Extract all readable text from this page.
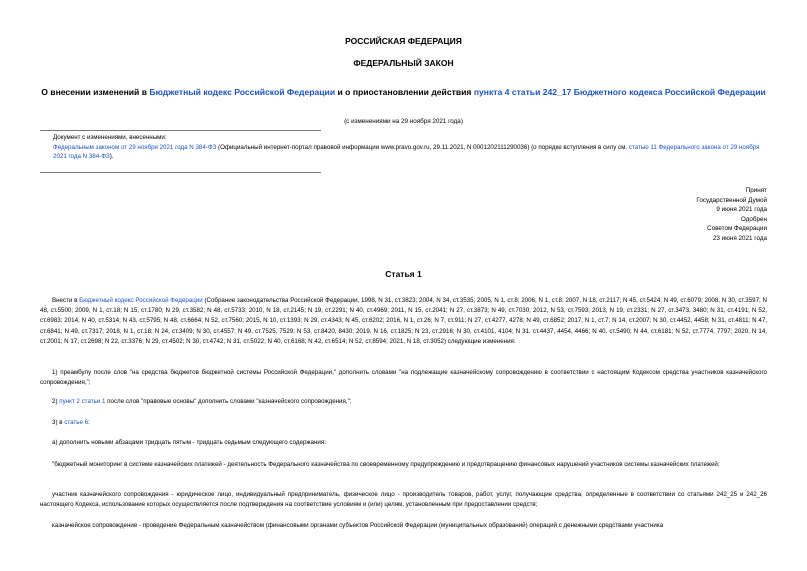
РОССИЙСКАЯ ФЕДЕРАЦИЯ
ФЕДЕРАЛЬНЫЙ ЗАКОН
О внесении изменений в Бюджетный кодекс Российской Федерации и о приостановлении действия пункта 4 статьи 242_17 Бюджетного кодекса Российской Федерации
(с изменениями на 29 ноября 2021 года)
Документ с изменениями, внесенными:
Федеральным законом от 29 ноября 2021 года N 384-ФЗ (Официальный интернет-портал правовой информации www.pravo.gov.ru, 29.11.2021, N 0001202111290036) (о порядке вступления в силу см. статью 11 Федерального закона от 29 ноября 2021 года N 384-ФЗ).
Принят
Государственной Думой
9 июня 2021 года
Одобрен
Советом Федерации
23 июня 2021 года
Статья 1

Внести в Бюджетный кодекс Российской Федерации (Собрание законодательства Российской Федерации, 1998, N 31, ст.3823; 2004, N 34, ст.3535; 2005, N 1, ст.8; 2006, N 1, ст.8; 2007, N 18, ст.2117; N 45, ст.5424; N 49, ст.6079; 2008, N 30, ст.3597; N 48, ст.5500; 2009, N 1, ст.18; N 15, ст.1780; N 29, ст.3582; N 48, ст.5733; 2010, N 18, ст.2145; N 19, ст.2291; N 40, ст.4969; 2011, N 15, ст.2041; N 27, ст.3873; N 49, ст.7030; 2012, N 53, ст.7593; 2013, N 19, ст.2331; N 27, ст.3473, 3480; N 31, ст.4191; N 52, ст.6983; 2014, N 40, ст.5314; N 43, ст.5795; N 48, ст.6664; N 52, ст.7560; 2015, N 10, ст.1393; N 29, ст.4343; N 45, ст.6202; 2016, N 1, ст.26; N 7, ст.911; N 27, ст.4277, 4278; N 49, ст.6852; 2017, N 1, ст.7; N 14, ст.2007; N 30, ст.4452, 4458; N 31, ст.4811; N 47, ст.6841; N 49, ст.7317; 2018, N 1, ст.18; N 24, ст.3409; N 30, ст.4557; N 49, ст.7525, 7529; N 53, ст.8420, 8430; 2019, N 16, ст.1825; N 23, ст.2916; N 30, ст.4101, 4104; N 31, ст.4437, 4454, 4466; N 40, ст.5490; N 44, ст.6181; N 52, ст.7774, 7797; 2020, N 14, ст.2001; N 17, ст.2698; N 22, ст.3376; N 29, ст.4502; N 30, ст.4742; N 31, ст.5022; N 40, ст.6168; N 42, ст.6514; N 52, ст.8594; 2021, N 18, ст.3052) следующие изменения:

1) преамбулу после слов "на средства бюджетов бюджетной системы Российской Федерации," дополнить словами "на подлежащие казначейскому сопровождению в соответствии с настоящим Кодексом средства участников казначейского сопровождения,";

2) пункт 2 статьи 1 после слов "правовые основы" дополнить словами "казначейского сопровождения,";

3) в статье 6:

а) дополнить новыми абзацами тридцать пятым - тридцать седьмым следующего содержания:

"бюджетный мониторинг в системе казначейских платежей - деятельность Федерального казначейства по своевременному предупреждению и предотвращению финансовых нарушений участников системы казначейских платежей;

участник казначейского сопровождения - юридическое лицо, индивидуальный предприниматель, физическое лицо - производитель товаров, работ, услуг, получающие средства, определенные в соответствии со статьями 242_25 и 242_26 настоящего Кодекса, использование которых осуществляется после подтверждения на соответствие условиям и (или) целям, установленным при предоставлении средств;

казначейское сопровождение - проведение Федеральным казначейством (финансовыми органами субъектов Российской Федерации (муниципальных образований) операций с денежными средствами участника
